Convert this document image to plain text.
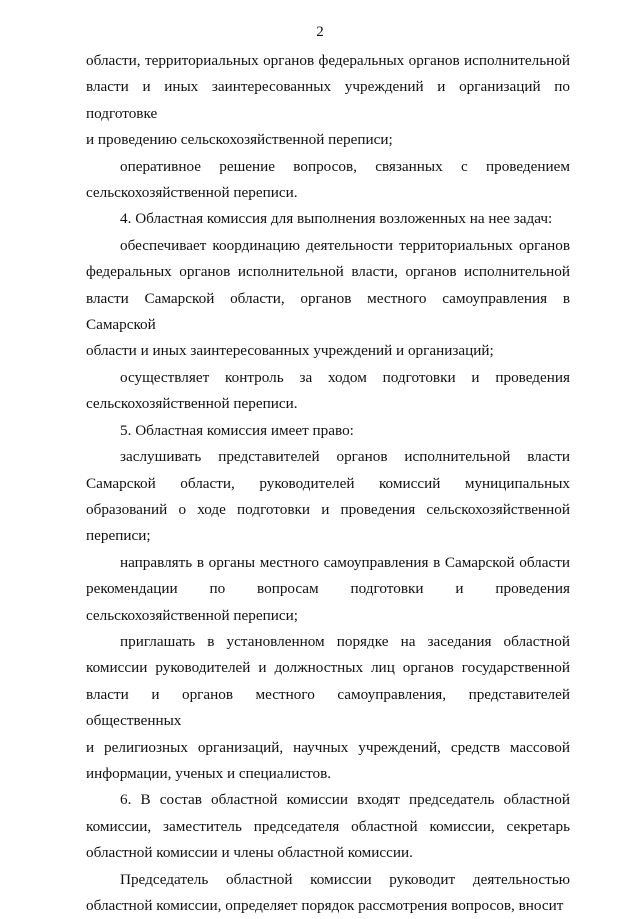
2
области, территориальных органов федеральных органов исполнительной
власти и иных заинтересованных учреждений и организаций по подготовке
и проведению сельскохозяйственной переписи;
оперативное решение вопросов, связанных с проведением
сельскохозяйственной переписи.
4. Областная комиссия для выполнения возложенных на нее задач:
обеспечивает координацию деятельности территориальных органов
федеральных органов исполнительной власти, органов исполнительной
власти Самарской области, органов местного самоуправления в Самарской
области и иных заинтересованных учреждений и организаций;
осуществляет контроль за ходом подготовки и проведения
сельскохозяйственной переписи.
5. Областная комиссия имеет право:
заслушивать представителей органов исполнительной власти
Самарской области, руководителей комиссий муниципальных
образований о ходе подготовки и проведения сельскохозяйственной
переписи;
направлять в органы местного самоуправления в Самарской области
рекомендации по вопросам подготовки и проведения
сельскохозяйственной переписи;
приглашать в установленном порядке на заседания областной
комиссии руководителей и должностных лиц органов государственной
власти и органов местного самоуправления, представителей общественных
и религиозных организаций, научных учреждений, средств массовой
информации, ученых и специалистов.
6. В состав областной комиссии входят председатель областной
комиссии, заместитель председателя областной комиссии, секретарь
областной комиссии и члены областной комиссии.
Председатель областной комиссии руководит деятельностью
областной комиссии, определяет порядок рассмотрения вопросов, вносит
